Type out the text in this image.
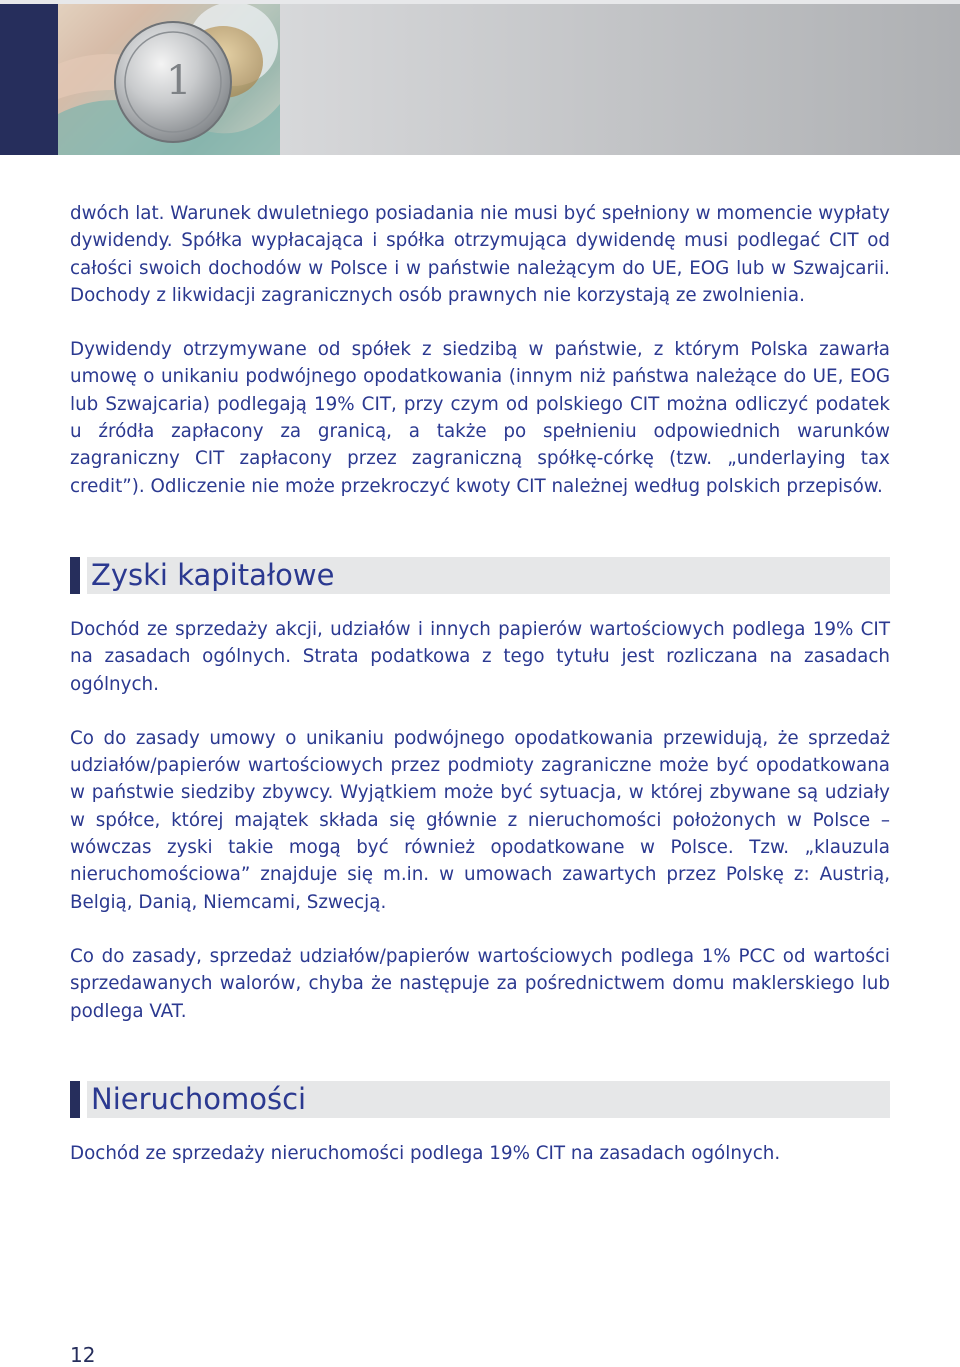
1

dwóch lat. Warunek dwuletniego posiadania nie musi być spełniony w momencie wypłaty dywidendy. Spółka wypłacająca i spółka otrzymująca dywidendę musi podlegać CIT od całości swoich dochodów w Polsce i w państwie należącym do UE, EOG lub w Szwajcarii. Dochody z likwidacji zagranicznych osób prawnych nie korzystają ze zwolnienia.

Dywidendy otrzymywane od spółek z siedzibą w państwie, z którym Polska zawarła umowę o unikaniu podwójnego opodatkowania (innym niż państwa należące do UE, EOG lub Szwajcaria) podlegają 19% CIT, przy czym od polskiego CIT można odliczyć podatek u źródła zapłacony za granicą, a także po spełnieniu odpowiednich warunków zagraniczny CIT zapłacony przez zagraniczną spółkę-córkę (tzw. „underlaying tax credit”). Odliczenie nie może przekroczyć kwoty CIT należnej według polskich przepisów.

Zyski kapitałowe

Dochód ze sprzedaży akcji, udziałów i innych papierów wartościowych podlega 19% CIT na zasadach ogólnych. Strata podatkowa z tego tytułu jest rozliczana na zasadach ogólnych.

Co do zasady umowy o unikaniu podwójnego opodatkowania przewidują, że sprzedaż udziałów/papierów wartościowych przez podmioty zagraniczne może być opodatkowana w państwie siedziby zbywcy. Wyjątkiem może być sytuacja, w której zbywane są udziały w spółce, której majątek składa się głównie z nieruchomości położonych w Polsce – wówczas zyski takie mogą być również opodatkowane w Polsce. Tzw. „klauzula nieruchomościowa” znajduje się m.in. w umowach zawartych przez Polskę z: Austrią, Belgią, Danią, Niemcami, Szwecją.

Co do zasady, sprzedaż udziałów/papierów wartościowych podlega 1% PCC od wartości sprzedawanych walorów, chyba że następuje za pośrednictwem domu maklerskiego lub podlega VAT.

Nieruchomości

Dochód ze sprzedaży nieruchomości podlega 19% CIT na zasadach ogólnych.

12
